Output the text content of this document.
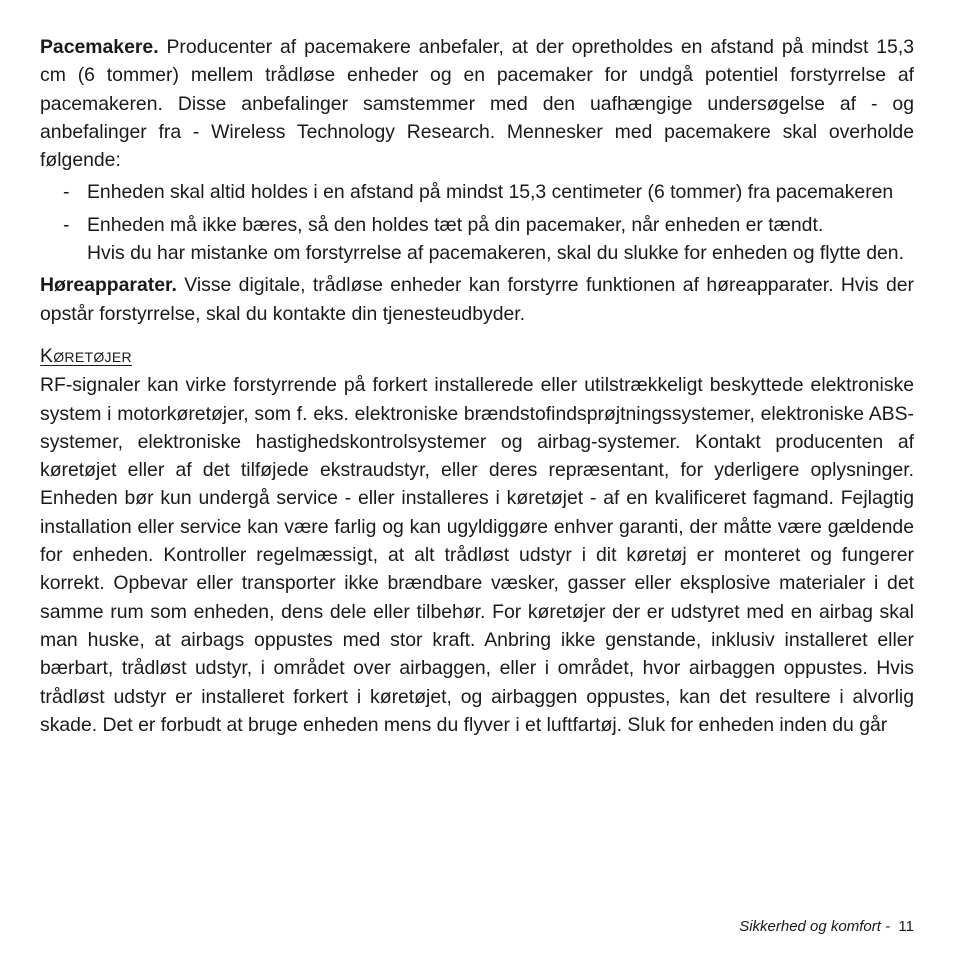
Pacemakere. Producenter af pacemakere anbefaler, at der opretholdes en afstand på mindst 15,3 cm (6 tommer) mellem trådløse enheder og en pacemaker for undgå potentiel forstyrrelse af pacemakeren. Disse anbefalinger samstemmer med den uafhængige undersøgelse af - og anbefalinger fra - Wireless Technology Research. Mennesker med pacemakere skal overholde følgende:

- Enheden skal altid holdes i en afstand på mindst 15,3 centimeter (6 tommer) fra pacemakeren
- Enheden må ikke bæres, så den holdes tæt på din pacemaker, når enheden er tændt.
Hvis du har mistanke om forstyrrelse af pacemakeren, skal du slukke for enheden og flytte den.

Høreapparater. Visse digitale, trådløse enheder kan forstyrre funktionen af høreapparater. Hvis der opstår forstyrrelse, skal du kontakte din tjenesteudbyder.

Køretøjer

RF-signaler kan virke forstyrrende på forkert installerede eller utilstrækkeligt beskyttede elektroniske system i motorkøretøjer, som f. eks. elektroniske brændstofindsprøjtningssystemer, elektroniske ABS-systemer, elektroniske hastighedskontrolsystemer og airbag-systemer. Kontakt producenten af køretøjet eller af det tilføjede ekstraudstyr, eller deres repræsentant, for yderligere oplysninger. Enheden bør kun undergå service - eller installeres i køretøjet - af en kvalificeret fagmand. Fejlagtig installation eller service kan være farlig og kan ugyldiggøre enhver garanti, der måtte være gældende for enheden. Kontroller regelmæssigt, at alt trådløst udstyr i dit køretøj er monteret og fungerer korrekt. Opbevar eller transporter ikke brændbare væsker, gasser eller eksplosive materialer i det samme rum som enheden, dens dele eller tilbehør. For køretøjer der er udstyret med en airbag skal man huske, at airbags oppustes med stor kraft. Anbring ikke genstande, inklusiv installeret eller bærbart, trådløst udstyr, i området over airbaggen, eller i området, hvor airbaggen oppustes. Hvis trådløst udstyr er installeret forkert i køretøjet, og airbaggen oppustes, kan det resultere i alvorlig skade. Det er forbudt at bruge enheden mens du flyver i et luftfartøj. Sluk for enheden inden du går

Sikkerhed og komfort -  11
